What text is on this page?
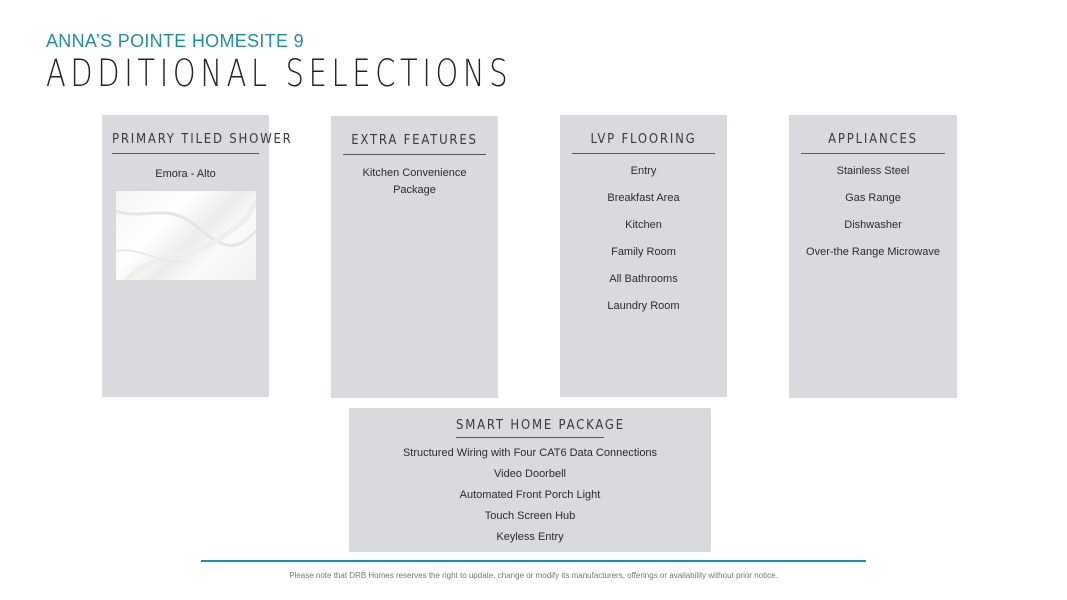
ANNA’S POINTE HOMESITE 9
ADDITIONAL SELECTIONS
PRIMARY TILED SHOWER
Emora - Alto
EXTRA FEATURES
Kitchen Convenience Package
LVP FLOORING
Entry
Breakfast Area
Kitchen
Family Room
All Bathrooms
Laundry Room
APPLIANCES
Stainless Steel
Gas Range
Dishwasher
Over-the Range Microwave
SMART HOME PACKAGE
Structured Wiring with Four CAT6 Data Connections
Video Doorbell
Automated Front Porch Light
Touch Screen Hub
Keyless Entry
Please note that DRB Homes reserves the right to update, change or modify its manufacturers, offerings or availability without prior notice.
